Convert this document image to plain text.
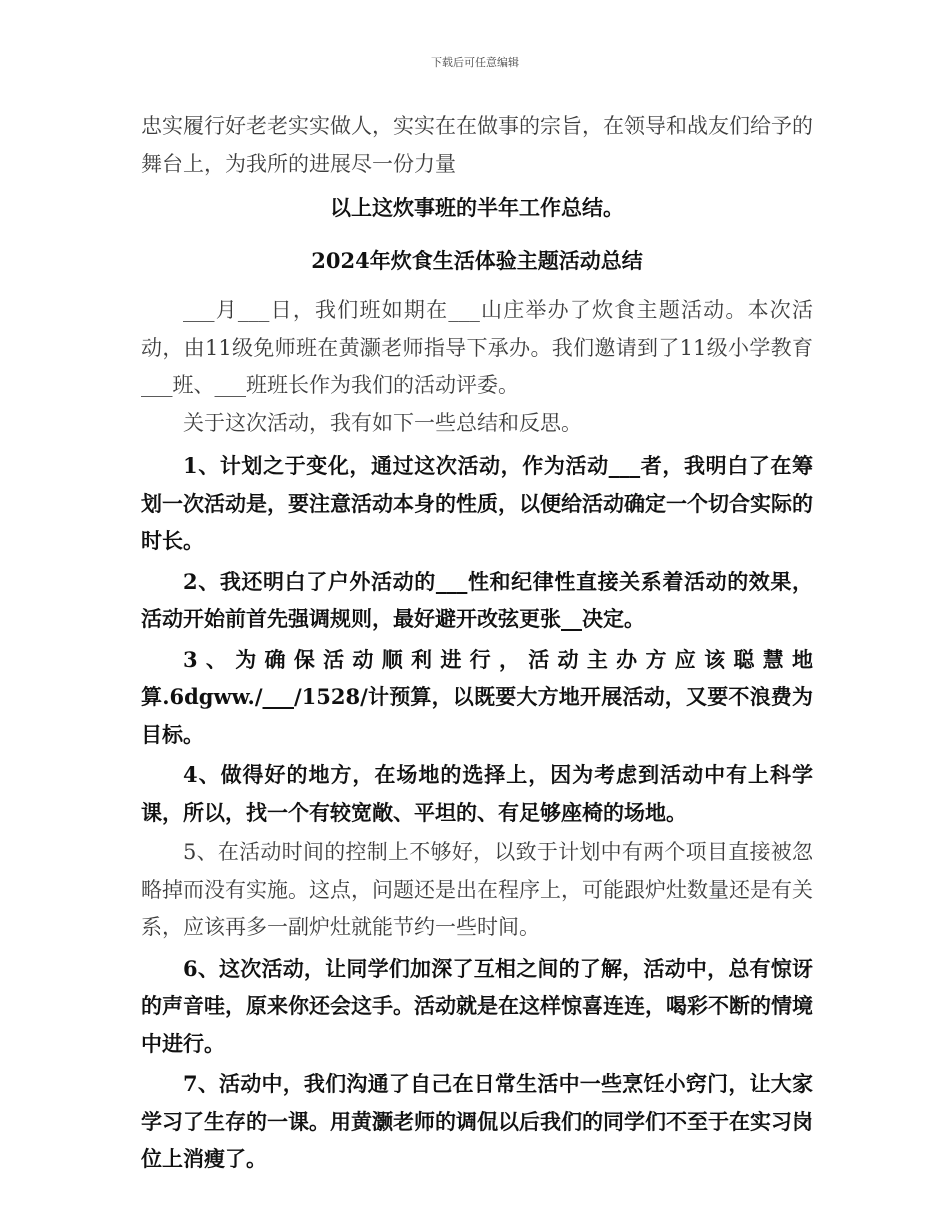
下载后可任意编辑

忠实履行好老老实实做人，实实在在做事的宗旨，在领导和战友们给予的舞台上，为我所的进展尽一份力量

以上这炊事班的半年工作总结。

2024年炊食生活体验主题活动总结

___月___日，我们班如期在___山庄举办了炊食主题活动。本次活动，由11级免师班在黄灏老师指导下承办。我们邀请到了11级小学教育___班、___班班长作为我们的活动评委。

关于这次活动，我有如下一些总结和反思。

1、计划之于变化，通过这次活动，作为活动___者，我明白了在筹划一次活动是，要注意活动本身的性质，以便给活动确定一个切合实际的时长。

2、我还明白了户外活动的___性和纪律性直接关系着活动的效果，活动开始前首先强调规则，最好避开改弦更张__决定。

3、为确保活动顺利进行，活动主办方应该聪慧地算.6dgww./___/1528/计预算，以既要大方地开展活动，又要不浪费为目标。

4、做得好的地方，在场地的选择上，因为考虑到活动中有上科学课，所以，找一个有较宽敞、平坦的、有足够座椅的场地。

5、在活动时间的控制上不够好，以致于计划中有两个项目直接被忽略掉而没有实施。这点，问题还是出在程序上，可能跟炉灶数量还是有关系，应该再多一副炉灶就能节约一些时间。

6、这次活动，让同学们加深了互相之间的了解，活动中，总有惊讶的声音哇，原来你还会这手。活动就是在这样惊喜连连，喝彩不断的情境中进行。

7、活动中，我们沟通了自己在日常生活中一些烹饪小窍门，让大家学习了生存的一课。用黄灏老师的调侃以后我们的同学们不至于在实习岗位上消瘦了。
